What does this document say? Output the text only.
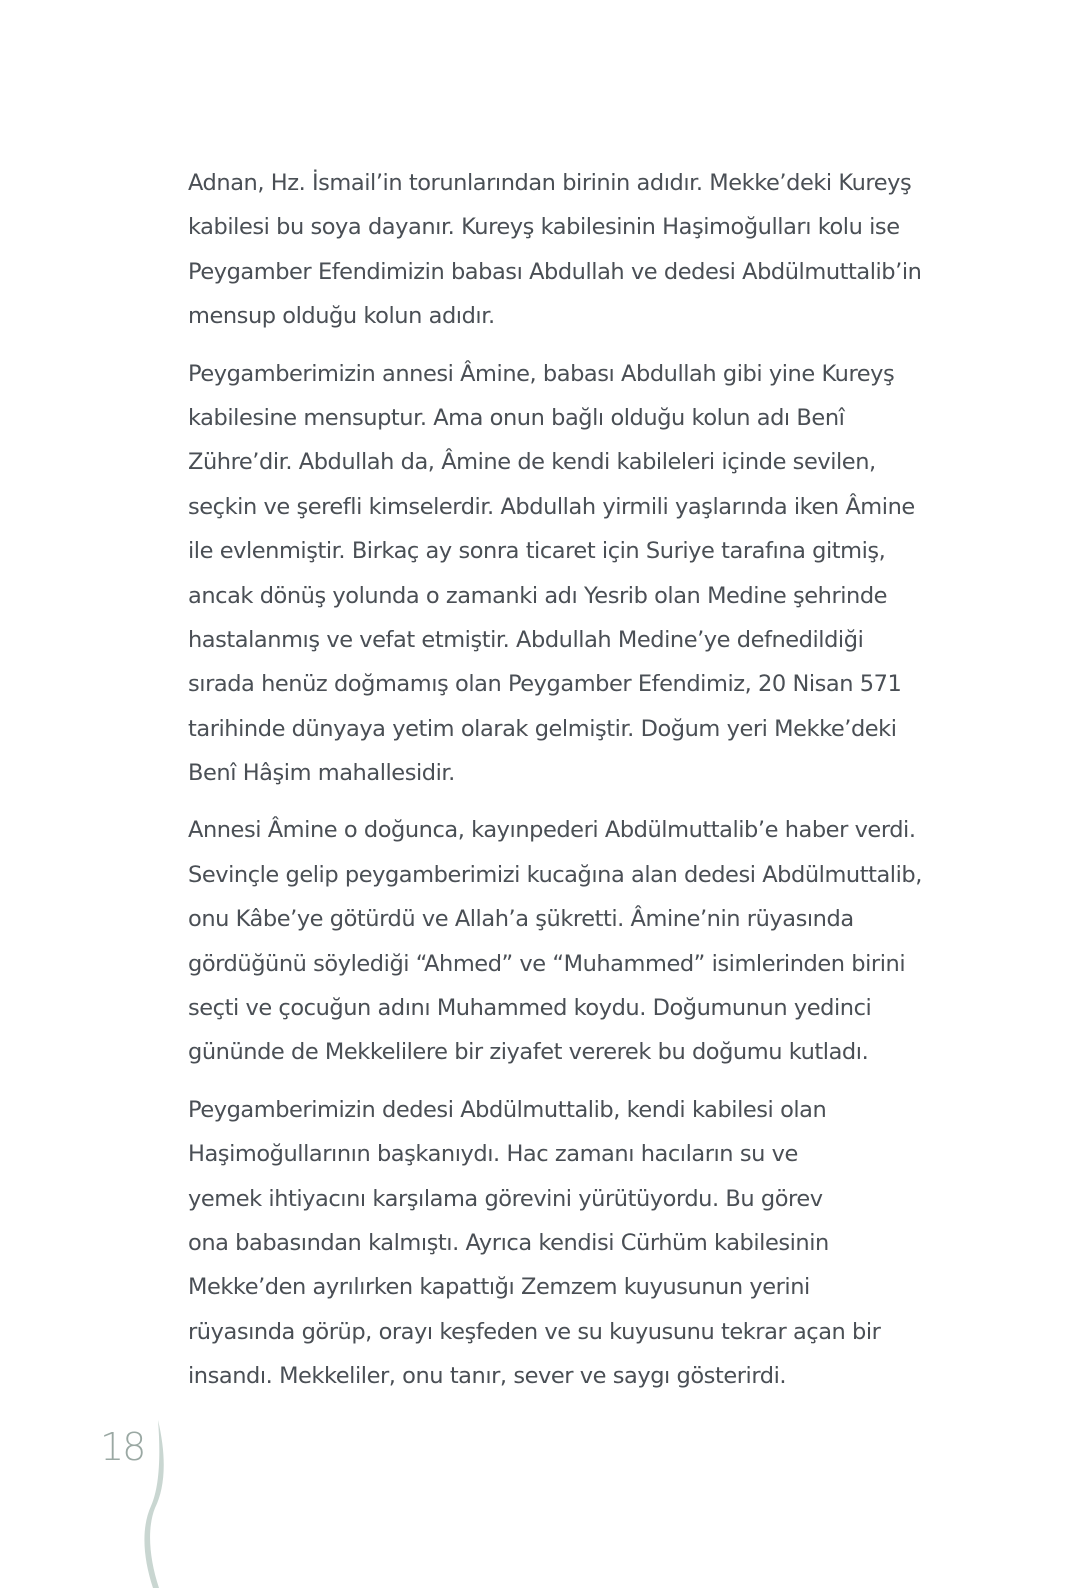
Adnan, Hz. İsmail’in torunlarından birinin adıdır. Mekke’deki Kureyş
kabilesi bu soya dayanır. Kureyş kabilesinin Haşimoğulları kolu ise
Peygamber Efendimizin babası Abdullah ve dedesi Abdülmuttalib’in
mensup olduğu kolun adıdır.
Peygamberimizin annesi Âmine, babası Abdullah gibi yine Kureyş
kabilesine mensuptur. Ama onun bağlı olduğu kolun adı Benî
Zühre’dir. Abdullah da, Âmine de kendi kabileleri içinde sevilen,
seçkin ve şerefli kimselerdir. Abdullah yirmili yaşlarında iken Âmine
ile evlenmiştir. Birkaç ay sonra ticaret için Suriye tarafına gitmiş,
ancak dönüş yolunda o zamanki adı Yesrib olan Medine şehrinde
hastalanmış ve vefat etmiştir. Abdullah Medine’ye defnedildiği
sırada henüz doğmamış olan Peygamber Efendimiz, 20 Nisan 571
tarihinde dünyaya yetim olarak gelmiştir. Doğum yeri Mekke’deki
Benî Hâşim mahallesidir.
Annesi Âmine o doğunca, kayınpederi Abdülmuttalib’e haber verdi.
Sevinçle gelip peygamberimizi kucağına alan dedesi Abdülmuttalib,
onu Kâbe’ye götürdü ve Allah’a şükretti. Âmine’nin rüyasında
gördüğünü söylediği “Ahmed” ve “Muhammed” isimlerinden birini
seçti ve çocuğun adını Muhammed koydu. Doğumunun yedinci
gününde de Mekkelilere bir ziyafet vererek bu doğumu kutladı.
Peygamberimizin dedesi Abdülmuttalib, kendi kabilesi olan
Haşimoğullarının başkanıydı. Hac zamanı hacıların su ve
yemek ihtiyacını karşılama görevini yürütüyordu. Bu görev
ona babasından kalmıştı. Ayrıca kendisi Cürhüm kabilesinin
Mekke’den ayrılırken kapattığı Zemzem kuyusunun yerini
rüyasında görüp, orayı keşfeden ve su kuyusunu tekrar açan bir
insandı. Mekkeliler, onu tanır, sever ve saygı gösterirdi.
18
